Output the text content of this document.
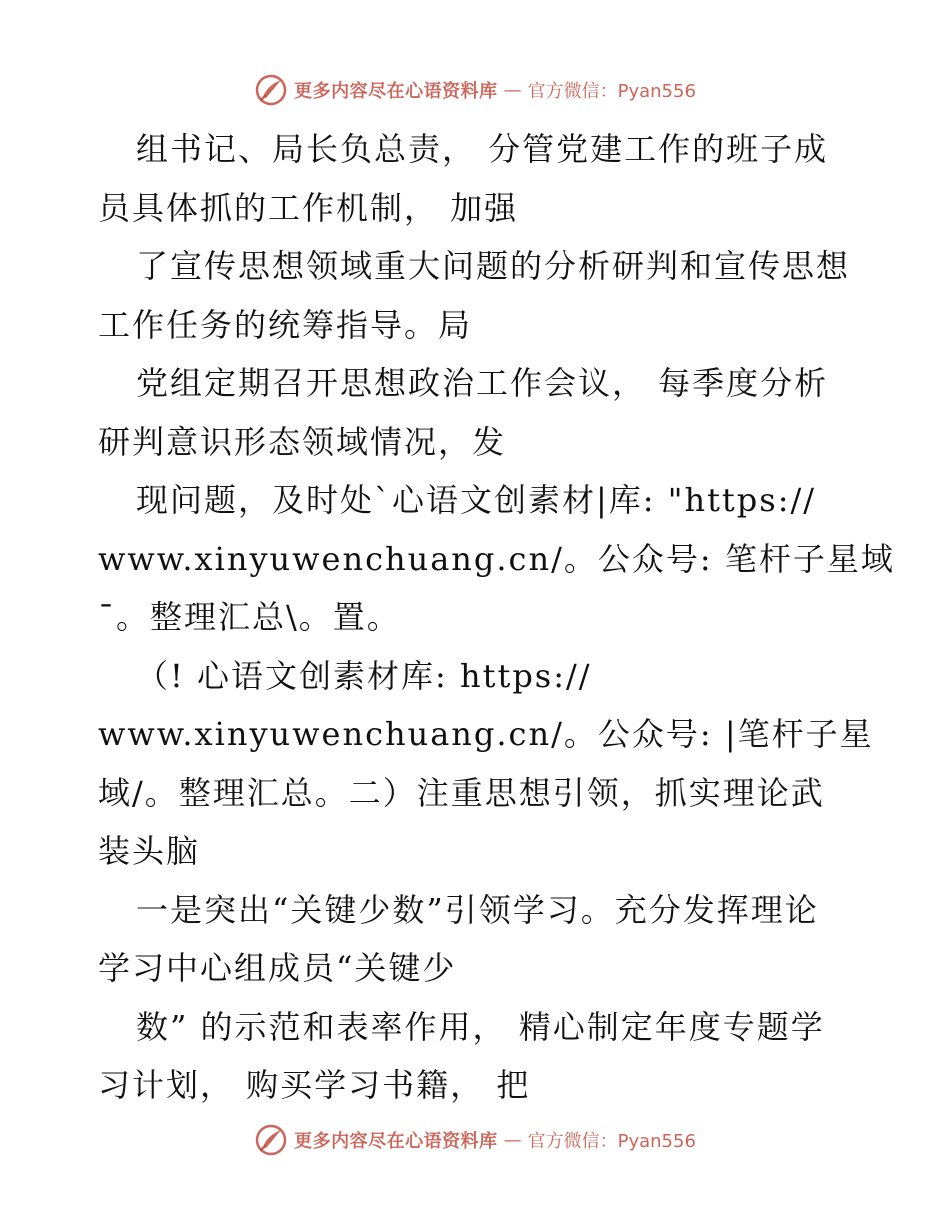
更多内容尽在心语资料库 — 官方微信：Pyan556
组书记、局长负总责， 分管党建工作的班子成
员具体抓的工作机制， 加强
了宣传思想领域重大问题的分析研判和宣传思想
工作任务的统筹指导。局
党组定期召开思想政治工作会议， 每季度分析
研判意识形态领域情况，发
现问题，及时处`心语文创素材|库: "https://
www.xinyuwenchuang.cn/。公众号: 笔杆子星域
¯。整理汇总\。置。
（! 心语文创素材库: https://
www.xinyuwenchuang.cn/。公众号: |笔杆子星
域/。整理汇总。二）注重思想引领，抓实理论武
装头脑
一是突出“关键少数”引领学习。充分发挥理论
学习中心组成员“关键少
数” 的示范和表率作用， 精心制定年度专题学
习计划， 购买学习书籍， 把
更多内容尽在心语资料库 — 官方微信：Pyan556
